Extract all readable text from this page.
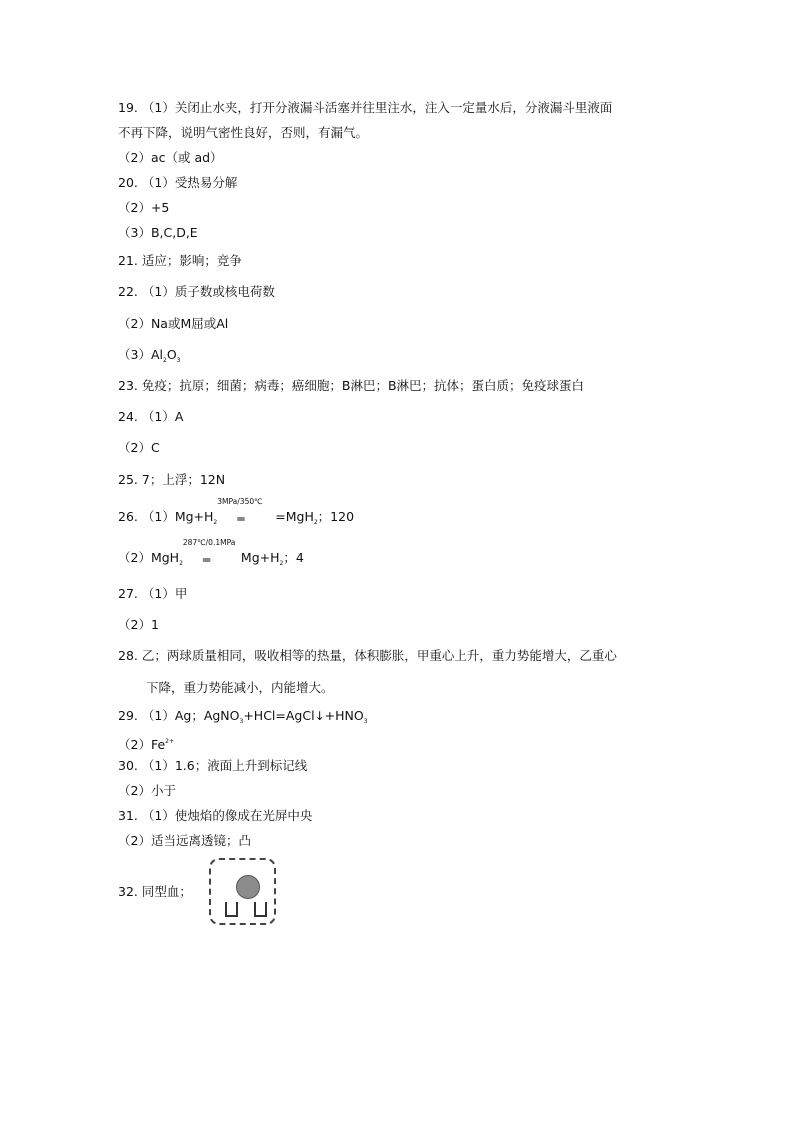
19. （1）关闭止水夹，打开分液漏斗活塞并往里注水，注入一定量水后，分液漏斗里液面
不再下降，说明气密性良好，否则，有漏气。
（2）ac（或 ad）
20. （1）受热易分解
（2）+5
（3）B,C,D,E
21. 适应；影响；竞争
22. （1）质子数或核电荷数
（2）Na或M屈或Al
$(3)Al_2O_3$
23. 免疫；抗原；细菌；病毒；癌细胞；B淋巴；B淋巴；抗体；蛋白质；免疫球蛋白
24. （1）A
（2）C
25. 7；上浮；12N
26. $(1)Mg+H_2$
3MPa/350℃
═ =MgH$_2$；120
（2）MgH$_2$
287℃/0.1MPa
═ $Mg+H_2$；4
27. （1）甲
（2）1
28. 乙；两球质量相同，吸收相等的热量，体积膨胀，甲重心上升，重力势能增大，乙重心
下降，重力势能减小，内能增大。
29. （1）Ag；$AgNO_3+HCl=AgCl↓+HNO_3$
$(2)Fe^{2+}$
30. （1）1.6；液面上升到标记线
（2）小于
31. （1）使烛焰的像成在光屏中央
（2）适当远离透镜；凸
32. 同型血；
